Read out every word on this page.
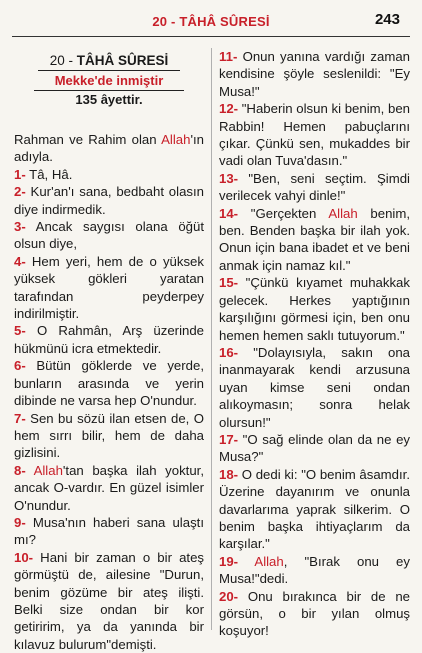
20 - TÂHÂ SÛRESİ	243
20 - TÂHÂ SÛRESİ
Mekke'de inmiştir
135 âyettir.

Rahman ve Rahim olan Allah'ın adıyla.

1- Tâ, Hâ.

2- Kur'an'ı sana, bedbaht olasın diye indirmedik.

3- Ancak saygısı olana öğüt olsun diye,

4- Hem yeri, hem de o yüksek yüksek gökleri yaratan tarafından peyderpey indirilmiştir.

5- O Rahmân, Arş üzerinde hükmünü icra etmektedir.

6- Bütün göklerde ve yerde, bunların arasında ve yerin dibinde ne varsa hep O'nundur.

7- Sen bu sözü ilan etsen de, O hem sırrı bilir, hem de daha gizlisini.

8- Allah'tan başka ilah yoktur, ancak O-vardır. En güzel isimler O'nundur.

9- Musa'nın haberi sana ulaştı mı?

10- Hani bir zaman o bir ateş görmüştü de, ailesine "Durun, benim gözüme bir ateş ilişti. Belki size ondan bir kor getiririm, ya da yanında bir kılavuz bulurum"demişti.

11- Onun yanına vardığı zaman kendisine şöyle seslenildi: "Ey Musa!"

12- "Haberin olsun ki benim, ben Rabbin! Hemen pabuçlarını çıkar. Çünkü sen, mukaddes bir vadi olan Tuva'dasın."

13- "Ben, seni seçtim. Şimdi verilecek vahyi dinle!"

14- "Gerçekten Allah benim, ben. Benden başka bir ilah yok. Onun için bana ibadet et ve beni anmak için namaz kıl."

15- "Çünkü kıyamet muhakkak gelecek. Herkes yaptığının karşılığını görmesi için, ben onu hemen hemen saklı tutuyorum."

16- "Dolayısıyla, sakın ona inanmayarak kendi arzusuna uyan kimse seni ondan alıkoymasın; sonra helak olursun!"

17- "O sağ elinde olan da ne ey Musa?"

18- O dedi ki: "O benim âsamdır. Üzerine dayanırım ve onunla davarlarıma yaprak silkerim. O benim başka ihtiyaçlarım da karşılar."

19- Allah, "Bırak onu ey Musa!"dedi.

20- Onu bırakınca bir de ne görsün, o bir yılan olmuş koşuyor!
